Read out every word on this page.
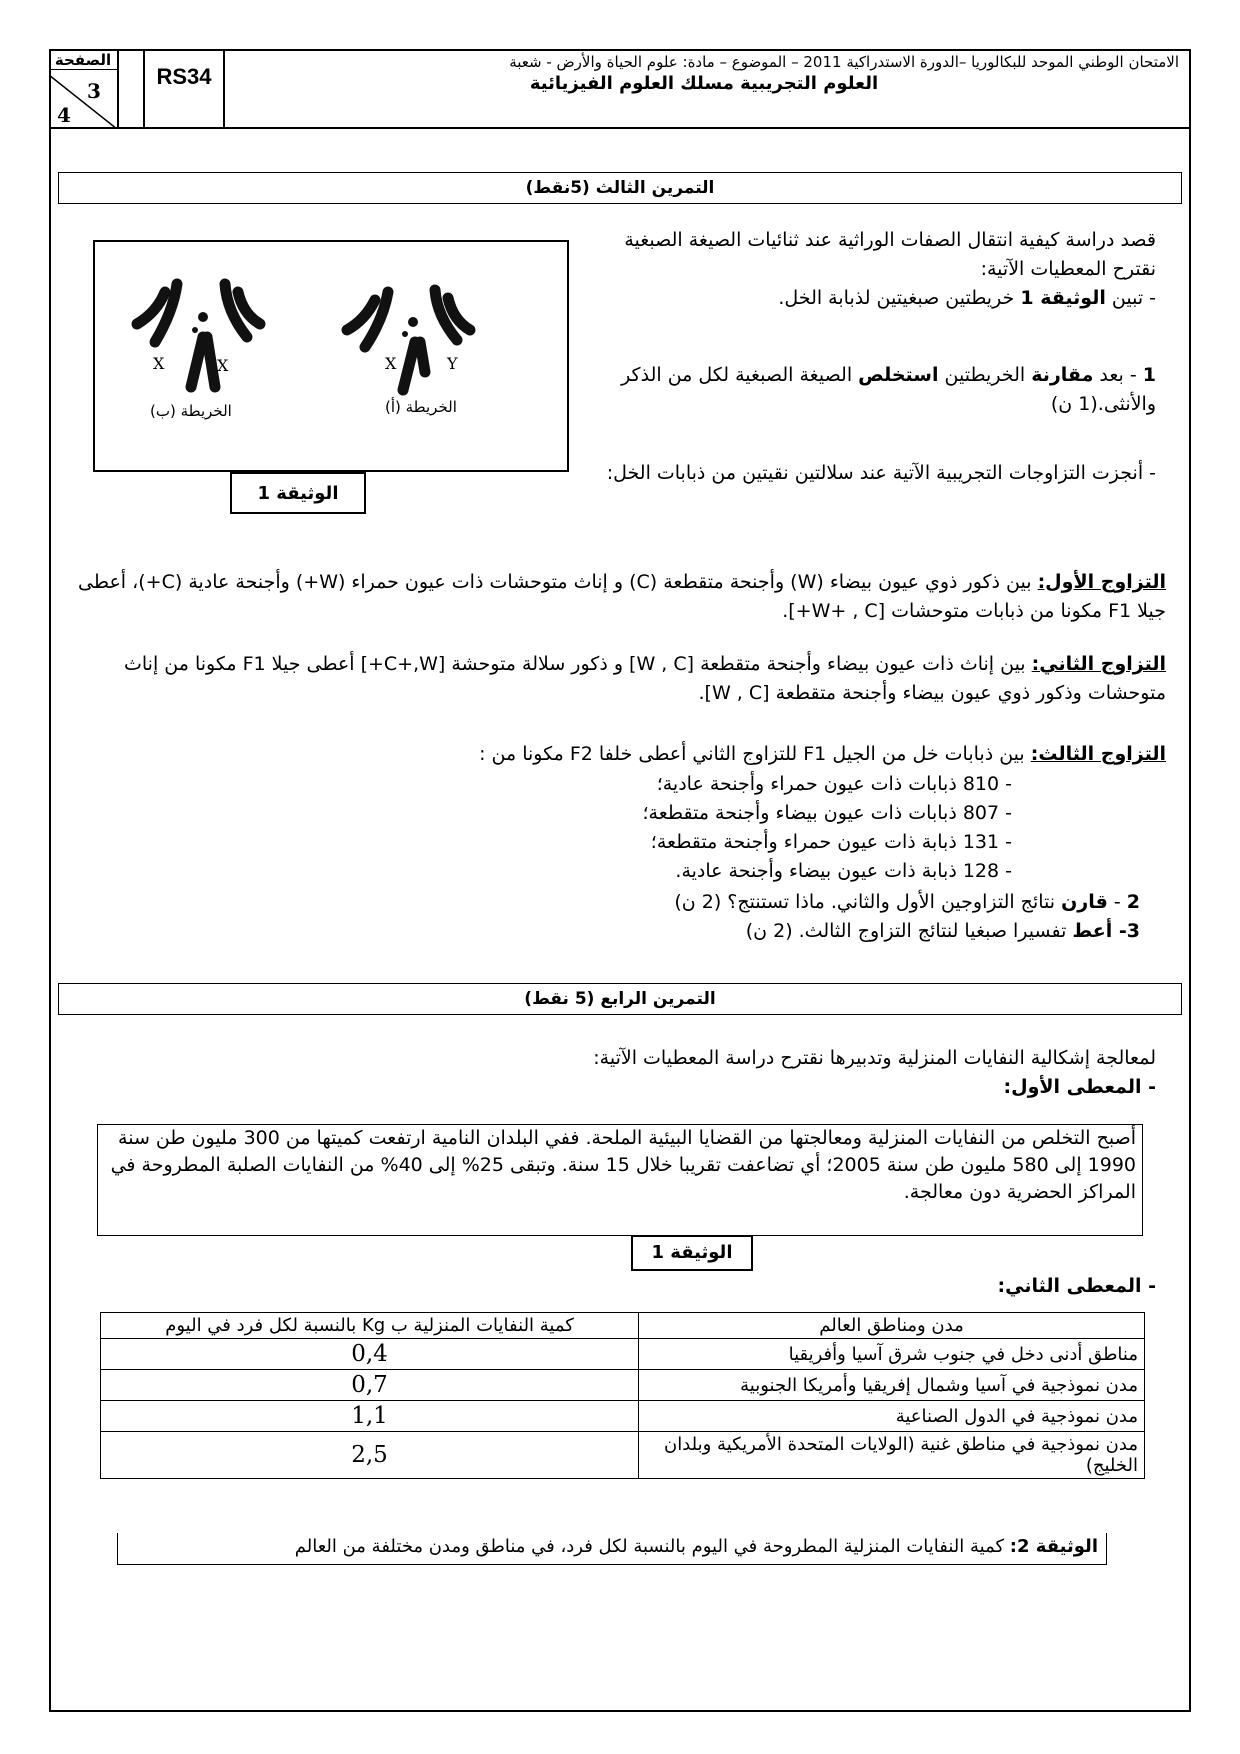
الصفحة
3
4
RS34
الامتحان الوطني الموحد للبكالوريا –الدورة الاستدراكية 2011 – الموضوع – مادة: علوم الحياة والأرض - شعبة
العلوم التجريبية مسلك العلوم الفيزيائية
التمرين الثالث (5نقط)
قصد دراسة كيفية انتقال الصفات الوراثية عند ثنائيات الصيغة الصبغية نقترح المعطيات الآتية:
- تبين الوثيقة 1 خريطتين صبغيتين لذبابة الخل.
1 - بعد مقارنة الخريطتين استخلص الصيغة الصبغية لكل من الذكر والأنثى.(1 ن)
- أنجزت التزاوجات التجريبية الآتية عند سلالتين نقيتين من ذبابات الخل:
X	X	X	Y
الخريطة (ب)	الخريطة (أ)
الوثيقة 1
التزاوج الأول: بين ذكور ذوي عيون بيضاء (W) وأجنحة متقطعة (C) و إناث متوحشات ذات عيون حمراء (W+) وأجنحة عادية (C+)، أعطى جيلا F1 مكونا من ذبابات متوحشات [W+ , C+].
التزاوج الثاني: بين إناث ذات عيون بيضاء وأجنحة متقطعة [W , C] و ذكور سلالة متوحشة [C+,W+] أعطى جيلا F1 مكونا من إناث متوحشات وذكور ذوي عيون بيضاء وأجنحة متقطعة [W , C].
التزاوج الثالث: بين ذبابات خل من الجيل F1 للتزاوج الثاني أعطى خلفا F2 مكونا من :
- 810 ذبابات ذات عيون حمراء وأجنحة عادية؛
- 807 ذبابات ذات عيون بيضاء وأجنحة متقطعة؛
- 131 ذبابة ذات عيون حمراء وأجنحة متقطعة؛
- 128 ذبابة ذات عيون بيضاء وأجنحة عادية.
2 - قارن نتائج التزاوجين الأول والثاني. ماذا تستنتج؟ (2 ن)
3- أعط تفسيرا صبغيا لنتائج التزاوج الثالث. (2 ن)
التمرين الرابع (5 نقط)
لمعالجة إشكالية النفايات المنزلية وتدبيرها نقترح دراسة المعطيات الآتية:
- المعطى الأول:
أصبح التخلص من النفايات المنزلية ومعالجتها من القضايا البيئية الملحة. ففي البلدان النامية ارتفعت كميتها من 300 مليون طن سنة 1990 إلى 580 مليون طن سنة 2005؛ أي تضاعفت تقريبا خلال 15 سنة. وتبقى 25% إلى 40% من النفايات الصلبة المطروحة في المراكز الحضرية دون معالجة.
الوثيقة 1
- المعطى الثاني:
مدن ومناطق العالم	كمية النفايات المنزلية ب Kg بالنسبة لكل فرد في اليوم
مناطق أدنى دخل في جنوب شرق آسيا وأفريقيا	0,4
مدن نموذجية في آسيا وشمال إفريقيا وأمريكا الجنوبية	0,7
مدن نموذجية في الدول الصناعية	1,1
مدن نموذجية في مناطق غنية (الولايات المتحدة الأمريكية وبلدان الخليج)	2,5
الوثيقة 2: كمية النفايات المنزلية المطروحة في اليوم بالنسبة لكل فرد، في مناطق ومدن مختلفة من العالم
